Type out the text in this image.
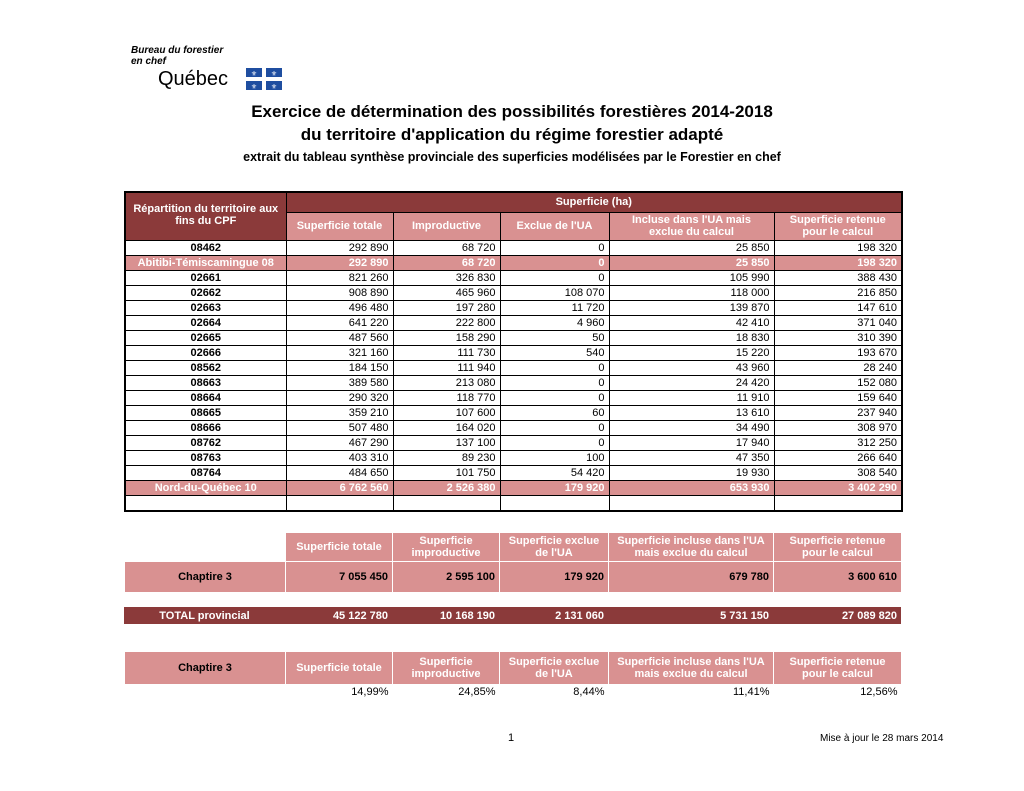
Bureau du forestier
en chef
Québec	⚜ ⚜
⚜ ⚜
Exercice de détermination des possibilités forestières 2014-2018
du territoire d'application du régime forestier adapté
extrait du tableau synthèse provinciale des superficies modélisées par le Forestier en chef
Répartition du territoire aux fins du CPF	Superficie (ha)				
	Superficie totale	Improductive	Exclue de l'UA	Incluse dans l'UA mais exclue du calcul	Superficie retenue pour le calcul
08462	292 890	68 720	0	25 850	198 320
Abitibi-Témiscamingue 08	292 890	68 720	0	25 850	198 320
02661	821 260	326 830	0	105 990	388 430
02662	908 890	465 960	108 070	118 000	216 850
02663	496 480	197 280	11 720	139 870	147 610
02664	641 220	222 800	4 960	42 410	371 040
02665	487 560	158 290	50	18 830	310 390
02666	321 160	111 730	540	15 220	193 670
08562	184 150	111 940	0	43 960	28 240
08663	389 580	213 080	0	24 420	152 080
08664	290 320	118 770	0	11 910	159 640
08665	359 210	107 600	60	13 610	237 940
08666	507 480	164 020	0	34 490	308 970
08762	467 290	137 100	0	17 940	312 250
08763	403 310	89 230	100	47 350	266 640
08764	484 650	101 750	54 420	19 930	308 540
Nord-du-Québec 10	6 762 560	2 526 380	179 920	653 930	3 402 290

	Superficie totale	Superficie improductive	Superficie exclue de l'UA	Superficie incluse dans l'UA mais exclue du calcul	Superficie retenue pour le calcul
Chaptire 3	7 055 450	2 595 100	179 920	679 780	3 600 610
TOTAL provincial	45 122 780	10 168 190	2 131 060	5 731 150	27 089 820
Chaptire 3	Superficie totale	Superficie improductive	Superficie exclue de l'UA	Superficie incluse dans l'UA mais exclue du calcul	Superficie retenue pour le calcul
	14,99%	24,85%	8,44%	11,41%	12,56%
1	Mise à jour le 28 mars 2014
